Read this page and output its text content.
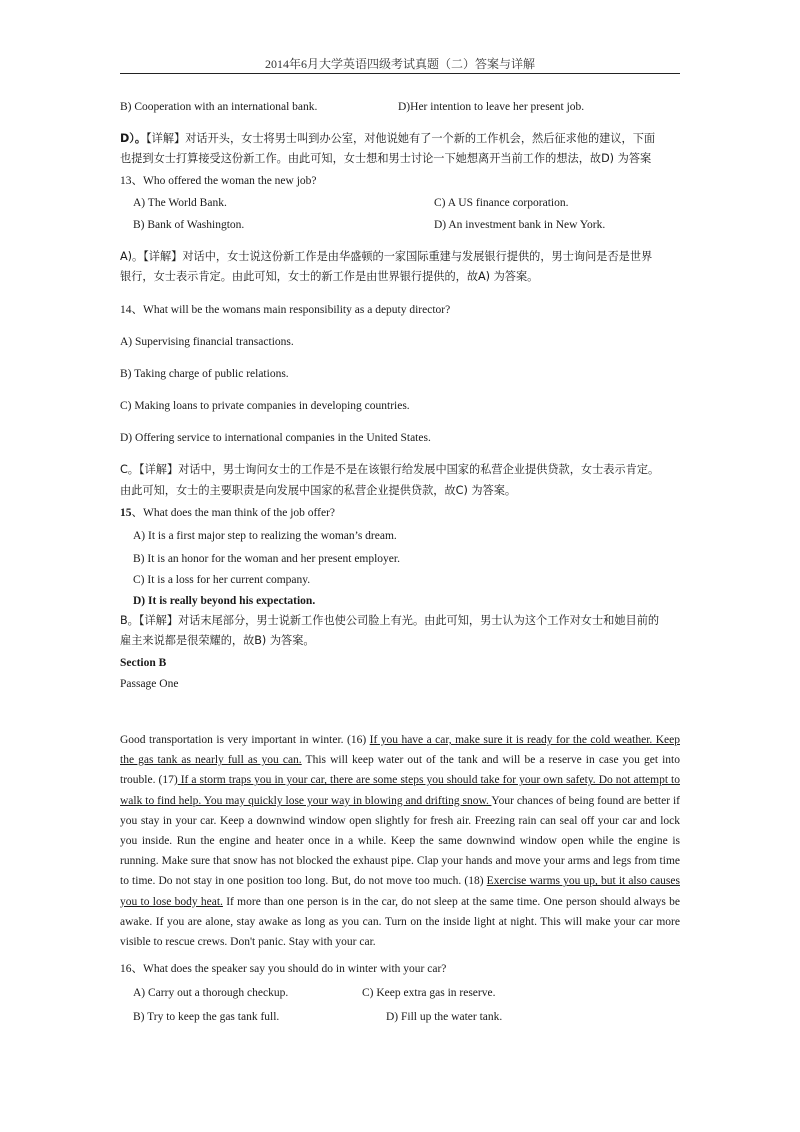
2014年6月大学英语四级考试真题（二）答案与详解
B) Cooperation with an international bank.	D)Her intention to leave her present job.
D）。【详解】对话开头，女士将男士叫到办公室，对他说她有了一个新的工作机会，然后征求他的建议，下面
也提到女士打算接受这份新工作。由此可知，女士想和男士讨论一下她想离开当前工作的想法，故D) 为答案
13、Who offered the woman the new job?
A) The World Bank.	C) A US finance corporation.
B) Bank of Washington.	D) An investment bank in New York.
A)。【详解】对话中，女士说这份新工作是由华盛顿的一家国际重建与发展银行提供的，男士询问是否是世界
银行，女士表示肯定。由此可知，女士的新工作是由世界银行提供的，故A) 为答案。
14、What will be the womans main responsibility as a deputy director?
A) Supervising financial transactions.
B) Taking charge of public relations.
C) Making loans to private companies in developing countries.
D) Offering service to international companies in the United States.
C。【详解】对话中，男士询问女士的工作是不是在该银行给发展中国家的私营企业提供贷款，女士表示肯定。
由此可知，女士的主要职责是向发展中国家的私营企业提供贷款，故C) 为答案。
15、What does the man think of the job offer?
A) It is a first major step to realizing the woman’s dream.
B) It is an honor for the woman and her present employer.
C) It is a loss for her current company.
D) It is really beyond his expectation.
B。【详解】对话末尾部分，男士说新工作也使公司脸上有光。由此可知，男士认为这个工作对女士和她目前的
雇主来说都是很荣耀的，故B) 为答案。
Section B
Passage One
Good transportation is very important in winter. (16) If you have a car, make sure it is ready for the cold weather. Keep the gas tank as nearly full as you can. This will keep water out of the tank and will be a reserve in case you get into trouble. (17) If a storm traps you in your car, there are some steps you should take for your own safety. Do not attempt to walk to find help. You may quickly lose your way in blowing and drifting snow. Your chances of being found are better if you stay in your car. Keep a downwind window open slightly for fresh air. Freezing rain can seal off your car and lock you inside. Run the engine and heater once in a while. Keep the same downwind window open while the engine is running. Make sure that snow has not blocked the exhaust pipe. Clap your hands and move your arms and legs from time to time. Do not stay in one position too long. But, do not move too much. (18) Exercise warms you up, but it also causes you to lose body heat. If more than one person is in the car, do not sleep at the same time. One person should always be awake. If you are alone, stay awake as long as you can. Turn on the inside light at night. This will make your car more visible to rescue crews. Don't panic. Stay with your car.
16、What does the speaker say you should do in winter with your car?
A) Carry out a thorough checkup.	C) Keep extra gas in reserve.
B) Try to keep the gas tank full.	D) Fill up the water tank.
